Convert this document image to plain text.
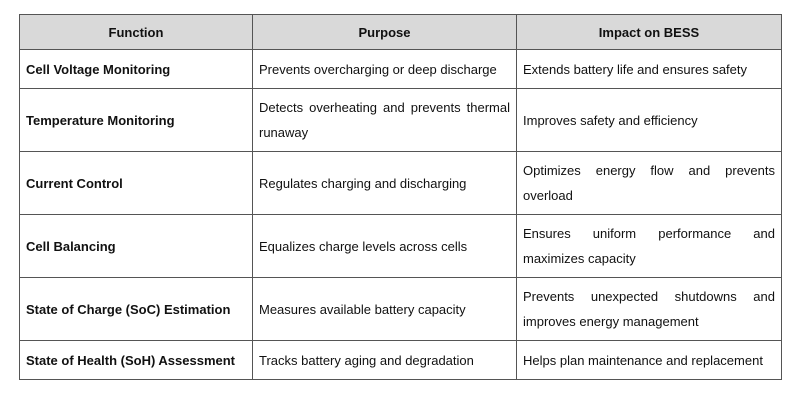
Function	Purpose	Impact on BESS
Cell Voltage Monitoring	Prevents overcharging or deep discharge	Extends battery life and ensures safety
Temperature Monitoring	Detects overheating and prevents thermal runaway	Improves safety and efficiency
Current Control	Regulates charging and discharging	Optimizes energy flow and prevents overload
Cell Balancing	Equalizes charge levels across cells	Ensures uniform performance and maximizes capacity
State of Charge (SoC) Estimation	Measures available battery capacity	Prevents unexpected shutdowns and improves energy management
State of Health (SoH) Assessment	Tracks battery aging and degradation	Helps plan maintenance and replacement
